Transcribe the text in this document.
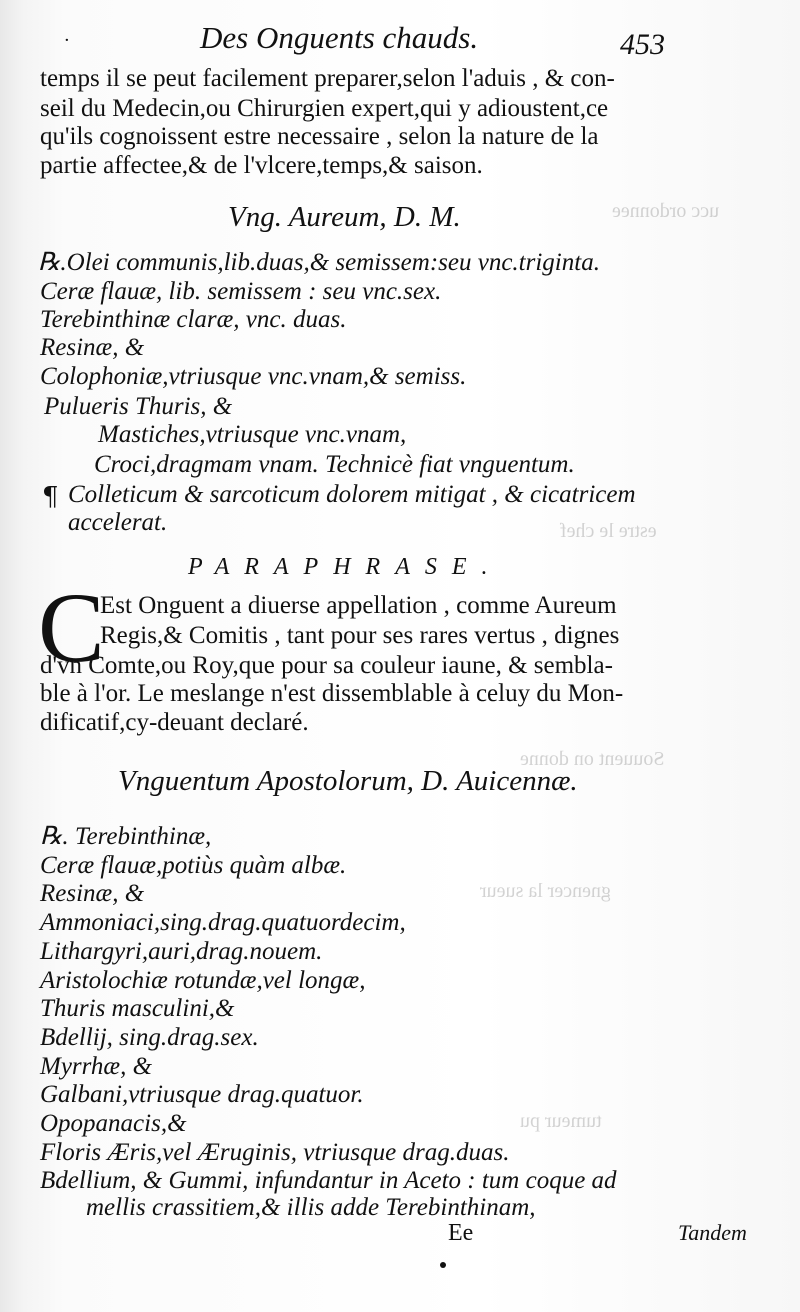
·
ucc ordonnee
estre le chef
Souuent on donne
gnencer la sueur
tumeur pu
Des Onguents chauds.	453
temps il se peut facilement preparer,selon l'aduis , & con-
seil du Medecin,ou Chirurgien expert,qui y adioustent,ce
qu'ils cognoissent estre necessaire , selon la nature de la
partie affectee,& de l'vlcere,temps,& saison.
Vng. Aureum, D. M.
℞.Olei communis,lib.duas,& semissem:seu vnc.triginta.
Ceræ flauæ, lib. semissem : seu vnc.sex.
Terebinthinæ claræ, vnc. duas.
Resinæ, &
Colophoniæ,vtriusque vnc.vnam,& semiss.
Pulueris Thuris, &
Mastiches,vtriusque vnc.vnam,
Croci,dragmam vnam. Technicè fiat vnguentum.
¶ Colleticum & sarcoticum dolorem mitigat , & cicatricem
accelerat.
PARAPHRASE.
C
Est Onguent a diuerse appellation , comme Aureum
Regis,& Comitis , tant pour ses rares vertus , dignes
d'vn Comte,ou Roy,que pour sa couleur iaune, & sembla-
ble à l'or. Le meslange n'est dissemblable à celuy du Mon-
dificatif,cy-deuant declaré.
Vnguentum Apostolorum, D. Auicennæ.
℞. Terebinthinæ,
Ceræ flauæ,potiùs quàm albæ.
Resinæ, &
Ammoniaci,sing.drag.quatuordecim,
Lithargyri,auri,drag.nouem.
Aristolochiæ rotundæ,vel longæ,
Thuris masculini,&
Bdellij, sing.drag.sex.
Myrrhæ, &
Galbani,vtriusque drag.quatuor.
Opopanacis,&
Floris Æris,vel Æruginis, vtriusque drag.duas.
Bdellium, & Gummi, infundantur in Aceto : tum coque ad
mellis crassitiem,& illis adde Terebinthinam,
Ee	Tandem
